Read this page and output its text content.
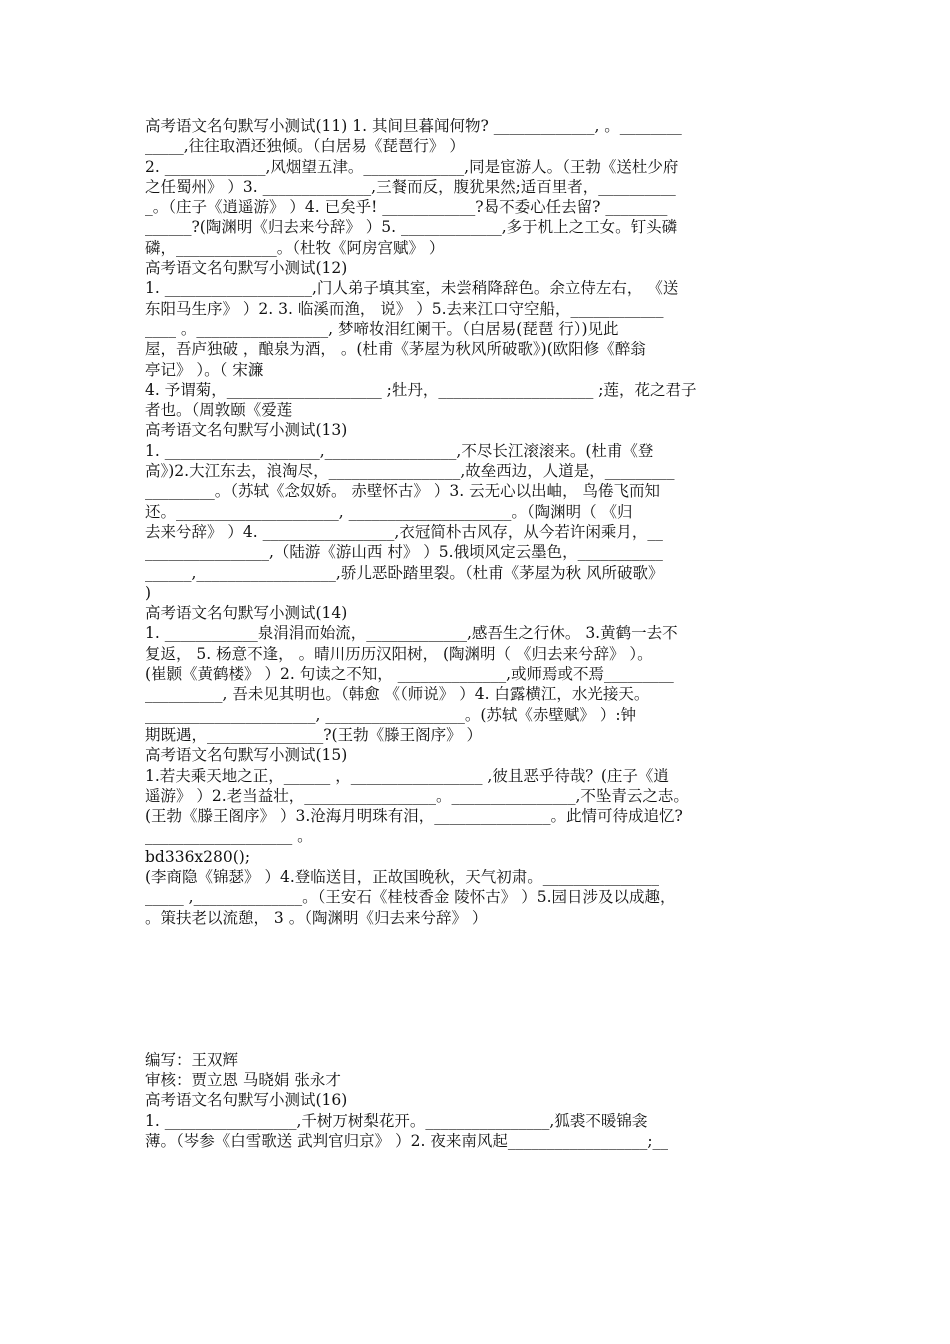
高考语文名句默写小测试(11) 1. 其间旦暮闻何物? _____________, 。________
_____,往往取酒还独倾。（白居易《琵琶行》 ）
2. _____________,风烟望五津。_____________,同是宦游人。（王勃《送杜少府
之任蜀州》 ）3. ______________,三餐而反，腹犹果然;适百里者，__________
_。（庄子《逍遥游》 ）4. 已矣乎! ____________?曷不委心任去留? ________
______?(陶渊明《归去来兮辞》 ）5. _____________,多于机上之工女。钉头磷
磷，_____________。（杜牧《阿房宫赋》 ）
高考语文名句默写小测试(12)
1. ___________________,门人弟子填其室，未尝稍降辞色。余立侍左右， 《送
东阳马生序》 ）2. 3. 临溪而渔， 说》 ）5.去来江口守空船，____________
____ 。_________________, 梦啼妆泪红阑干。（白居易(琵琶 行）)见此
屋，吾庐独破 ，酿泉为酒， 。(杜甫《茅屋为秋风所破歌》)(欧阳修《醉翁
亭记》 ）。（ 宋濂
4. 予谓菊，____________________ ;牡丹，____________________ ;莲，花之君子
者也。（周敦颐《爱莲
高考语文名句默写小测试(13)
1. ____________________,_________________,不尽长江滚滚来。(杜甫《登
高》)2.大江东去，浪淘尽，_________________,故垒西边，人道是，_________
_________。（苏轼《念奴娇。 赤壁怀古》 ）3. 云无心以出岫， 鸟倦飞而知
还。_____________________, _____________________。（陶渊明（ 《归
去来兮辞》 ）4. _________________,衣冠简朴古风存，从今若许闲乘月，__
________________,（陆游《游山西 村》 ）5.俄顷风定云墨色，___________
______,__________________,骄儿恶卧踏里裂。（杜甫《茅屋为秋 风所破歌》
)
高考语文名句默写小测试(14)
1. ____________泉涓涓而始流，_____________,感吾生之行休。 3.黄鹤一去不
复返， 5. 杨意不逢， 。晴川历历汉阳树， (陶渊明（ 《归去来兮辞》 ）。
(崔颢《黄鹤楼》 ）2. 句读之不知， ______________,或师焉或不焉_________
__________, 吾未见其明也。（韩愈 《（师说》 ）4. 白露横江，水光接天。
______________________, __________________。(苏轼《赤壁赋》 ）:钟
期既遇，_______________?(王勃《滕王阁序》 ）
高考语文名句默写小测试(15)
1.若夫乘天地之正，______ ，_________________ ,彼且恶乎待哉？(庄子《逍
遥游》 ）2.老当益壮，_________________。________________,不坠青云之志。
(王勃《滕王阁序》 ）3.沧海月明珠有泪，_______________。此情可待成追忆?
___________________ 。
bd336x280();
(李商隐《锦瑟》 ）4.登临送目，正故国晚秋，天气初肃。_______________
_____ ,______________。（王安石《桂枝香金 陵怀古》 ）5.园日涉及以成趣，
。策扶老以流憩， 3 。（陶渊明《归去来兮辞》 ）
编写：王双辉
审核：贾立恩 马晓娟 张永才
高考语文名句默写小测试(16)
1. _________________,千树万树梨花开。________________,狐裘不暖锦衾
薄。（岑参《白雪歌送 武判官归京》 ）2. 夜来南风起__________________;__
